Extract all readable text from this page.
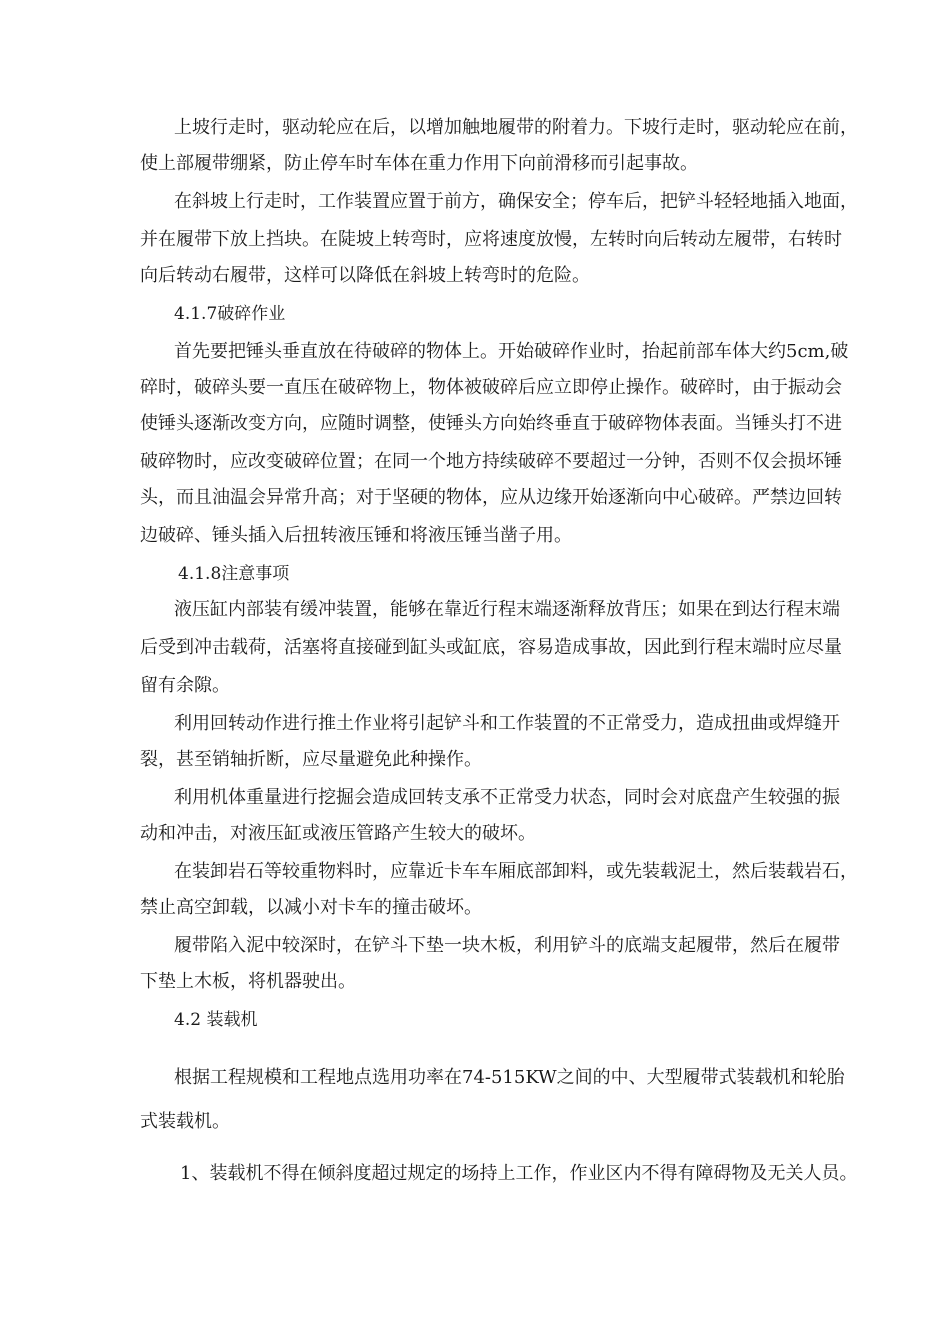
上坡行走时，驱动轮应在后，以增加触地履带的附着力。下坡行走时，驱动轮应在前，
使上部履带绷紧，防止停车时车体在重力作用下向前滑移而引起事故。
在斜坡上行走时，工作装置应置于前方，确保安全；停车后，把铲斗轻轻地插入地面，
并在履带下放上挡块。在陡坡上转弯时，应将速度放慢，左转时向后转动左履带，右转时
向后转动右履带，这样可以降低在斜坡上转弯时的危险。
4.1.7破碎作业
首先要把锤头垂直放在待破碎的物体上。开始破碎作业时，抬起前部车体大约5cm,破
碎时，破碎头要一直压在破碎物上，物体被破碎后应立即停止操作。破碎时，由于振动会
使锤头逐渐改变方向，应随时调整，使锤头方向始终垂直于破碎物体表面。当锤头打不进
破碎物时，应改变破碎位置；在同一个地方持续破碎不要超过一分钟，否则不仅会损坏锤
头，而且油温会异常升高；对于坚硬的物体，应从边缘开始逐渐向中心破碎。严禁边回转
边破碎、锤头插入后扭转液压锤和将液压锤当凿子用。
4.1.8注意事项
液压缸内部装有缓冲装置，能够在靠近行程末端逐渐释放背压；如果在到达行程末端
后受到冲击载荷，活塞将直接碰到缸头或缸底，容易造成事故，因此到行程末端时应尽量
留有余隙。
利用回转动作进行推土作业将引起铲斗和工作装置的不正常受力，造成扭曲或焊缝开
裂，甚至销轴折断，应尽量避免此种操作。
利用机体重量进行挖掘会造成回转支承不正常受力状态，同时会对底盘产生较强的振
动和冲击，对液压缸或液压管路产生较大的破坏。
在装卸岩石等较重物料时，应靠近卡车车厢底部卸料，或先装载泥土，然后装载岩石，
禁止高空卸载，以减小对卡车的撞击破坏。
履带陷入泥中较深时，在铲斗下垫一块木板，利用铲斗的底端支起履带，然后在履带
下垫上木板，将机器驶出。
4.2 装载机
根据工程规模和工程地点选用功率在74-515KW之间的中、大型履带式装载机和轮胎
式装载机。
1、装载机不得在倾斜度超过规定的场持上工作，作业区内不得有障碍物及无关人员。
